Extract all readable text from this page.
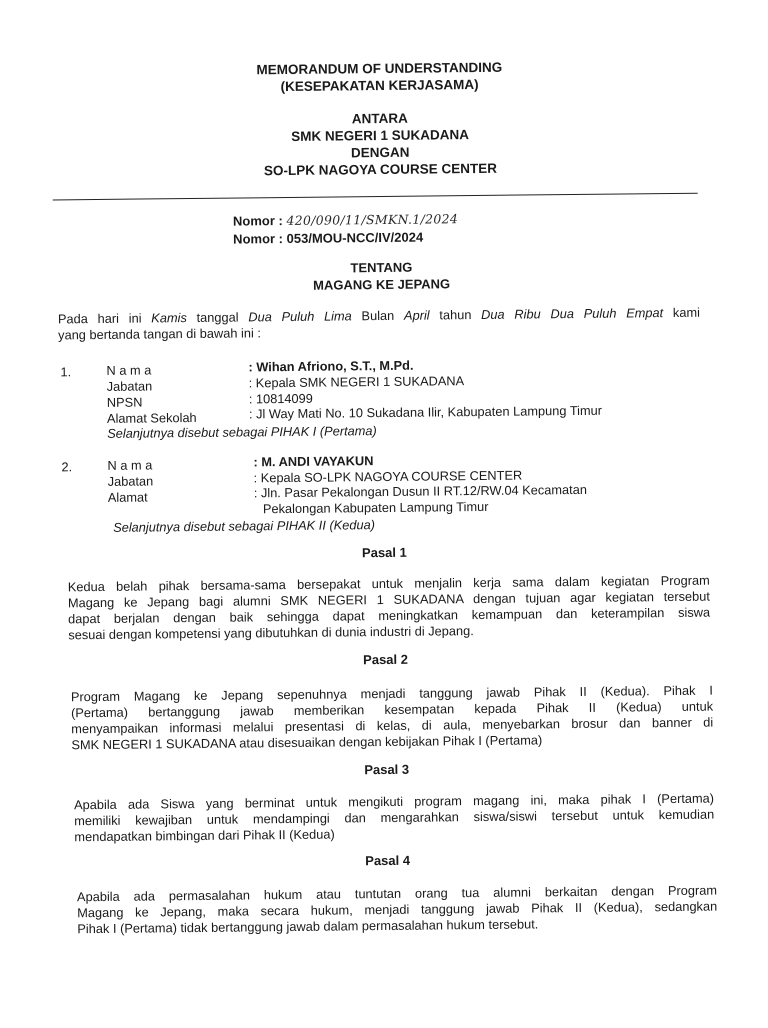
MEMORANDUM OF UNDERSTANDING
(KESEPAKATAN KERJASAMA)
ANTARA
SMK NEGERI 1 SUKADANA
DENGAN
SO-LPK NAGOYA COURSE CENTER
Nomor : 420/090/11/SMKN.1/2024
Nomor : 053/MOU-NCC/IV/2024
TENTANG
MAGANG KE JEPANG
Pada hari ini Kamis tanggal Dua Puluh Lima Bulan April tahun Dua Ribu Dua Puluh Empat kami
yang bertanda tangan di bawah ini :
1.	N a m a	: Wihan Afriono, S.T., M.Pd.
Jabatan	: Kepala SMK NEGERI 1 SUKADANA
NPSN	: 10814099
Alamat Sekolah	: Jl Way Mati No. 10 Sukadana Ilir, Kabupaten Lampung Timur
Selanjutnya disebut sebagai PIHAK I (Pertama)
2.	N a m a	: M. ANDI VAYAKUN
Jabatan	: Kepala SO-LPK NAGOYA COURSE CENTER
Alamat	: Jln. Pasar Pekalongan Dusun II RT.12/RW.04 Kecamatan
Pekalongan Kabupaten Lampung Timur
Selanjutnya disebut sebagai PIHAK II (Kedua)
Pasal 1
Kedua belah pihak bersama-sama bersepakat untuk menjalin kerja sama dalam kegiatan Program
Magang ke Jepang bagi alumni SMK NEGERI 1 SUKADANA dengan tujuan agar kegiatan tersebut
dapat berjalan dengan baik sehingga dapat meningkatkan kemampuan dan keterampilan siswa
sesuai dengan kompetensi yang dibutuhkan di dunia industri di Jepang.
Pasal 2
Program Magang ke Jepang sepenuhnya menjadi tanggung jawab Pihak II (Kedua). Pihak I
(Pertama) bertanggung jawab memberikan kesempatan kepada Pihak II (Kedua) untuk
menyampaikan informasi melalui presentasi di kelas, di aula, menyebarkan brosur dan banner di
SMK NEGERI 1 SUKADANA atau disesuaikan dengan kebijakan Pihak I (Pertama)
Pasal 3
Apabila ada Siswa yang berminat untuk mengikuti program magang ini, maka pihak I (Pertama)
memiliki kewajiban untuk mendampingi dan mengarahkan siswa/siswi tersebut untuk kemudian
mendapatkan bimbingan dari Pihak II (Kedua)
Pasal 4
Apabila ada permasalahan hukum atau tuntutan orang tua alumni berkaitan dengan Program
Magang ke Jepang, maka secara hukum, menjadi tanggung jawab Pihak II (Kedua), sedangkan
Pihak I (Pertama) tidak bertanggung jawab dalam permasalahan hukum tersebut.
